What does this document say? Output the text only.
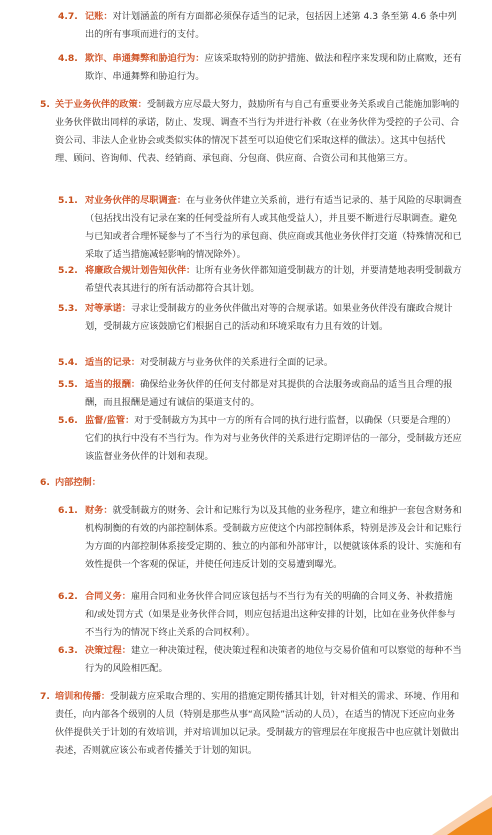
4.7. 记账：对计划涵盖的所有方面都必须保存适当的记录，包括因上述第 4.3 条至第 4.6 条中列出的所有事项而进行的支付。
4.8. 欺诈、串通舞弊和胁迫行为：应该采取特别的防护措施、做法和程序来发现和防止腐败，还有欺诈、串通舞弊和胁迫行为。
5. 关于业务伙伴的政策：受制裁方应尽最大努力，鼓励所有与自己有重要业务关系或自己能施加影响的业务伙伴做出同样的承诺，防止、发现、调查不当行为并进行补救（在业务伙伴为受控的子公司、合资公司、非法人企业协会或类似实体的情况下甚至可以迫使它们采取这样的做法）。这其中包括代理、顾问、咨询师、代表、经销商、承包商、分包商、供应商、合资公司和其他第三方。
5.1. 对业务伙伴的尽职调查：在与业务伙伴建立关系前，进行有适当记录的、基于风险的尽职调查（包括找出没有记录在案的任何受益所有人或其他受益人），并且要不断进行尽职调查。避免与已知或者合理怀疑参与了不当行为的承包商、供应商或其他业务伙伴打交道（特殊情况和已采取了适当措施减轻影响的情况除外）。
5.2. 将廉政合规计划告知伙伴：让所有业务伙伴都知道受制裁方的计划，并要清楚地表明受制裁方希望代表其进行的所有活动都符合其计划。
5.3. 对等承诺：寻求让受制裁方的业务伙伴做出对等的合规承诺。如果业务伙伴没有廉政合规计划，受制裁方应该鼓励它们根据自己的活动和环境采取有力且有效的计划。
5.4. 适当的记录：对受制裁方与业务伙伴的关系进行全面的记录。
5.5. 适当的报酬：确保给业务伙伴的任何支付都是对其提供的合法服务或商品的适当且合理的报酬，而且报酬是通过有诚信的渠道支付的。
5.6. 监督/监管：对于受制裁方为其中一方的所有合同的执行进行监督，以确保（只要是合理的）它们的执行中没有不当行为。作为对与业务伙伴的关系进行定期评估的一部分，受制裁方还应该监督业务伙伴的计划和表现。
6. 内部控制：
6.1. 财务：就受制裁方的财务、会计和记账行为以及其他的业务程序，建立和维护一套包含财务和机构制衡的有效的内部控制体系。受制裁方应使这个内部控制体系，特别是涉及会计和记账行为方面的内部控制体系接受定期的、独立的内部和外部审计，以便就该体系的设计、实施和有效性提供一个客观的保证，并使任何违反计划的交易遭到曝光。
6.2. 合同义务：雇用合同和业务伙伴合同应该包括与不当行为有关的明确的合同义务、补救措施和/或处罚方式（如果是业务伙伴合同，则应包括退出这种安排的计划，比如在业务伙伴参与不当行为的情况下终止关系的合同权利）。
6.3. 决策过程：建立一种决策过程，使决策过程和决策者的地位与交易价值和可以察觉的每种不当行为的风险相匹配。
7. 培训和传播：受制裁方应采取合理的、实用的措施定期传播其计划，针对相关的需求、环境、作用和责任，向内部各个级别的人员（特别是那些从事“高风险”活动的人员），在适当的情况下还应向业务伙伴提供关于计划的有效培训，并对培训加以记录。受制裁方的管理层在年度报告中也应就计划做出表述，否则就应该公布或者传播关于计划的知识。
